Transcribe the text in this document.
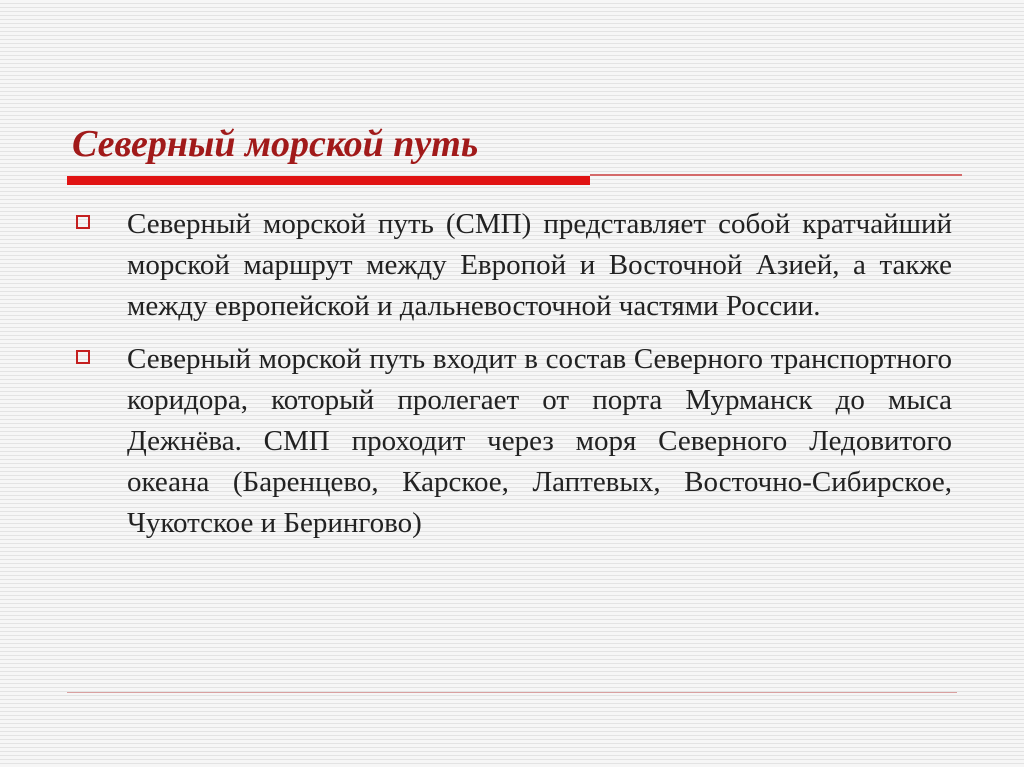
Северный морской путь

Северный морской путь (СМП) представляет собой кратчайший морской маршрут между Европой и Восточной Азией, а также между европейской и дальневосточной частями России.

Северный морской путь входит в состав Северного транспортного коридора, который пролегает от порта Мурманск до мыса Дежнёва. СМП проходит через моря Северного Ледовитого океана (Баренцево, Карское, Лаптевых, Восточно-Сибирское, Чукотское и Берингово)
